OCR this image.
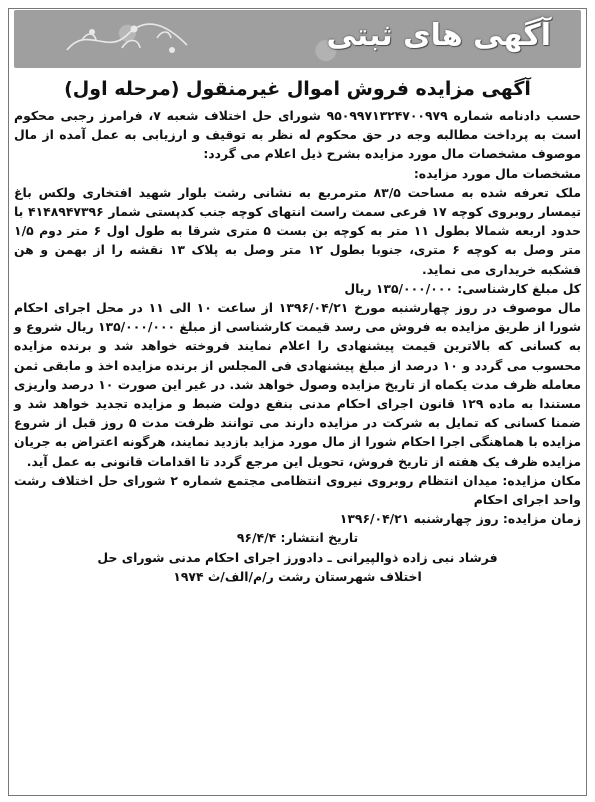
آگهی های ثبتی
آگهی مزایده فروش اموال غیرمنقول (مرحله اول)

حسب دادنامه شماره ۹۵۰۹۹۷۱۳۲۴۷۰۰۹۷۹ شورای حل اختلاف شعبه ۷، فرامرز رجبی محکوم است به پرداخت مطالبه وجه در حق محکوم له نظر به توقیف و ارزیابی به عمل آمده از مال موصوف مشخصات مال مورد مزایده بشرح ذیل اعلام می گردد:

مشخصات مال مورد مزایده:

ملک تعرفه شده به مساحت ۸۳/۵ مترمربع به نشانی رشت بلوار شهید افتخاری ولکس باغ تیمسار روبروی کوچه ۱۷ فرعی سمت راست انتهای کوچه جنب کدپستی شمار ۴۱۴۸۹۴۷۳۹۶ با حدود اربعه شمالا بطول ۱۱ متر به کوچه بن بست ۵ متری شرقا به طول اول ۶ متر دوم ۱/۵ متر وصل به کوچه ۶ متری، جنوبا بطول ۱۲ متر وصل به پلاک ۱۳ نقشه را از بهمن و هن فشکبه خریداری می نماید.

کل مبلغ کارشناسی: ۱۳۵/۰۰۰/۰۰۰ ریال

مال موصوف در روز چهارشنبه مورخ ۱۳۹۶/۰۴/۲۱ از ساعت ۱۰ الی ۱۱ در محل اجرای احکام شورا از طریق مزایده به فروش می رسد قیمت کارشناسی از مبلغ ۱۳۵/۰۰۰/۰۰۰ ریال شروع و به کسانی که بالاترین قیمت پیشنهادی را اعلام نمایند فروخته خواهد شد و برنده مزایده محسوب می گردد و ۱۰ درصد از مبلغ پیشنهادی فی المجلس از برنده مزایده اخذ و مابقی ثمن معامله ظرف مدت یکماه از تاریخ مزایده وصول خواهد شد. در غیر این صورت ۱۰ درصد واریزی مستندا به ماده ۱۲۹ قانون اجرای احکام مدنی بنفع دولت ضبط و مزایده تجدید خواهد شد و ضمنا کسانی که تمایل به شرکت در مزایده دارند می توانند ظرفت مدت ۵ روز قبل از شروع مزایده با هماهنگی اجرا احکام شورا از مال مورد مزاید بازدید نمایند، هرگونه اعتراض به جریان مزایده ظرف یک هفته از تاریخ فروش، تحویل این مرجع گردد تا اقدامات قانونی به عمل آید.

مکان مزایده: میدان انتظام روبروی نیروی انتظامی مجتمع شماره ۲ شورای حل اختلاف رشت واحد اجرای احکام

زمان مزایده: روز چهارشنبه ۱۳۹۶/۰۴/۲۱

تاریخ انتشار: ۹۶/۴/۴

فرشاد نبی زاده ذوالپیرانی ـ دادورز اجرای احکام مدنی شورای حل

اختلاف شهرستان رشت ر/م/الف/ث ۱۹۷۴
